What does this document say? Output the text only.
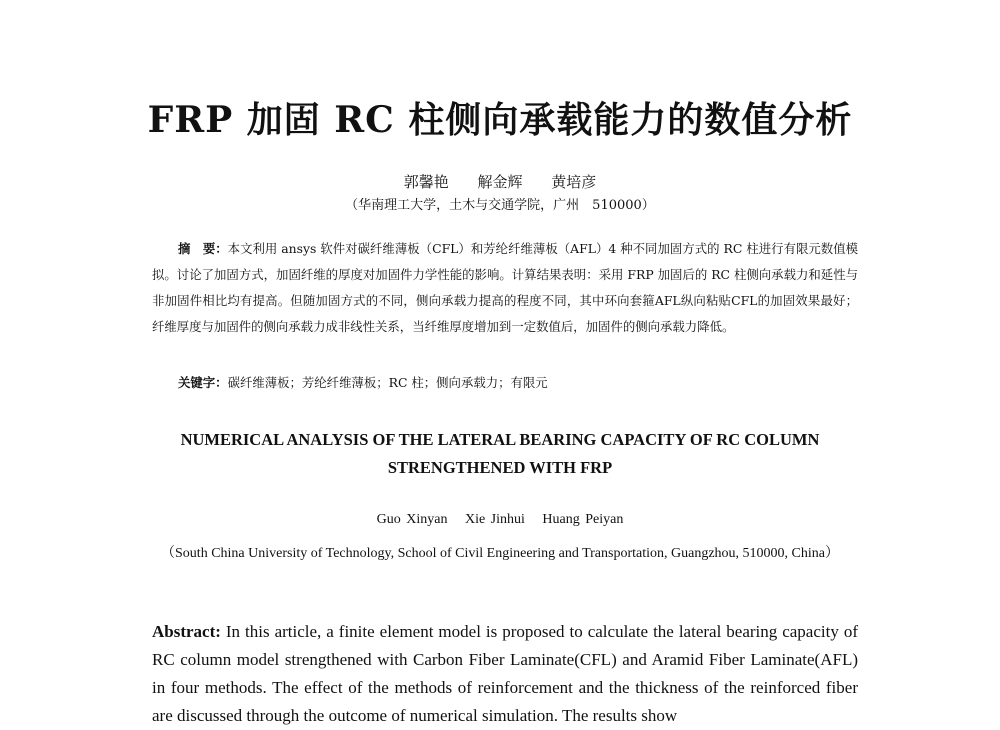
FRP 加固 RC 柱侧向承载能力的数值分析
郭馨艳 解金辉 黄培彦
（华南理工大学，土木与交通学院，广州　510000）
摘　要：本文利用 ansys 软件对碳纤维薄板（CFL）和芳纶纤维薄板（AFL）4 种不同加固方式的 RC 柱进行有限元数值模拟。讨论了加固方式，加固纤维的厚度对加固件力学性能的影响。计算结果表明：采用 FRP 加固后的 RC 柱侧向承载力和延性与非加固件相比均有提高。但随加固方式的不同，侧向承载力提高的程度不同，其中环向套箍AFL纵向粘贴CFL的加固效果最好；纤维厚度与加固件的侧向承载力成非线性关系，当纤维厚度增加到一定数值后，加固件的侧向承载力降低。
关键字：碳纤维薄板；芳纶纤维薄板；RC 柱；侧向承载力；有限元
NUMERICAL ANALYSIS OF THE LATERAL BEARING CAPACITY OF RC COLUMN STRENGTHENED WITH FRP
Guo Xinyan Xie Jinhui Huang Peiyan
（South China University of Technology, School of Civil Engineering and Transportation, Guangzhou, 510000, China）
Abstract: In this article, a finite element model is proposed to calculate the lateral bearing capacity of RC column model strengthened with Carbon Fiber Laminate(CFL) and Aramid Fiber Laminate(AFL) in four methods. The effect of the methods of reinforcement and the thickness of the reinforced fiber are discussed through the outcome of numerical simulation. The results show
